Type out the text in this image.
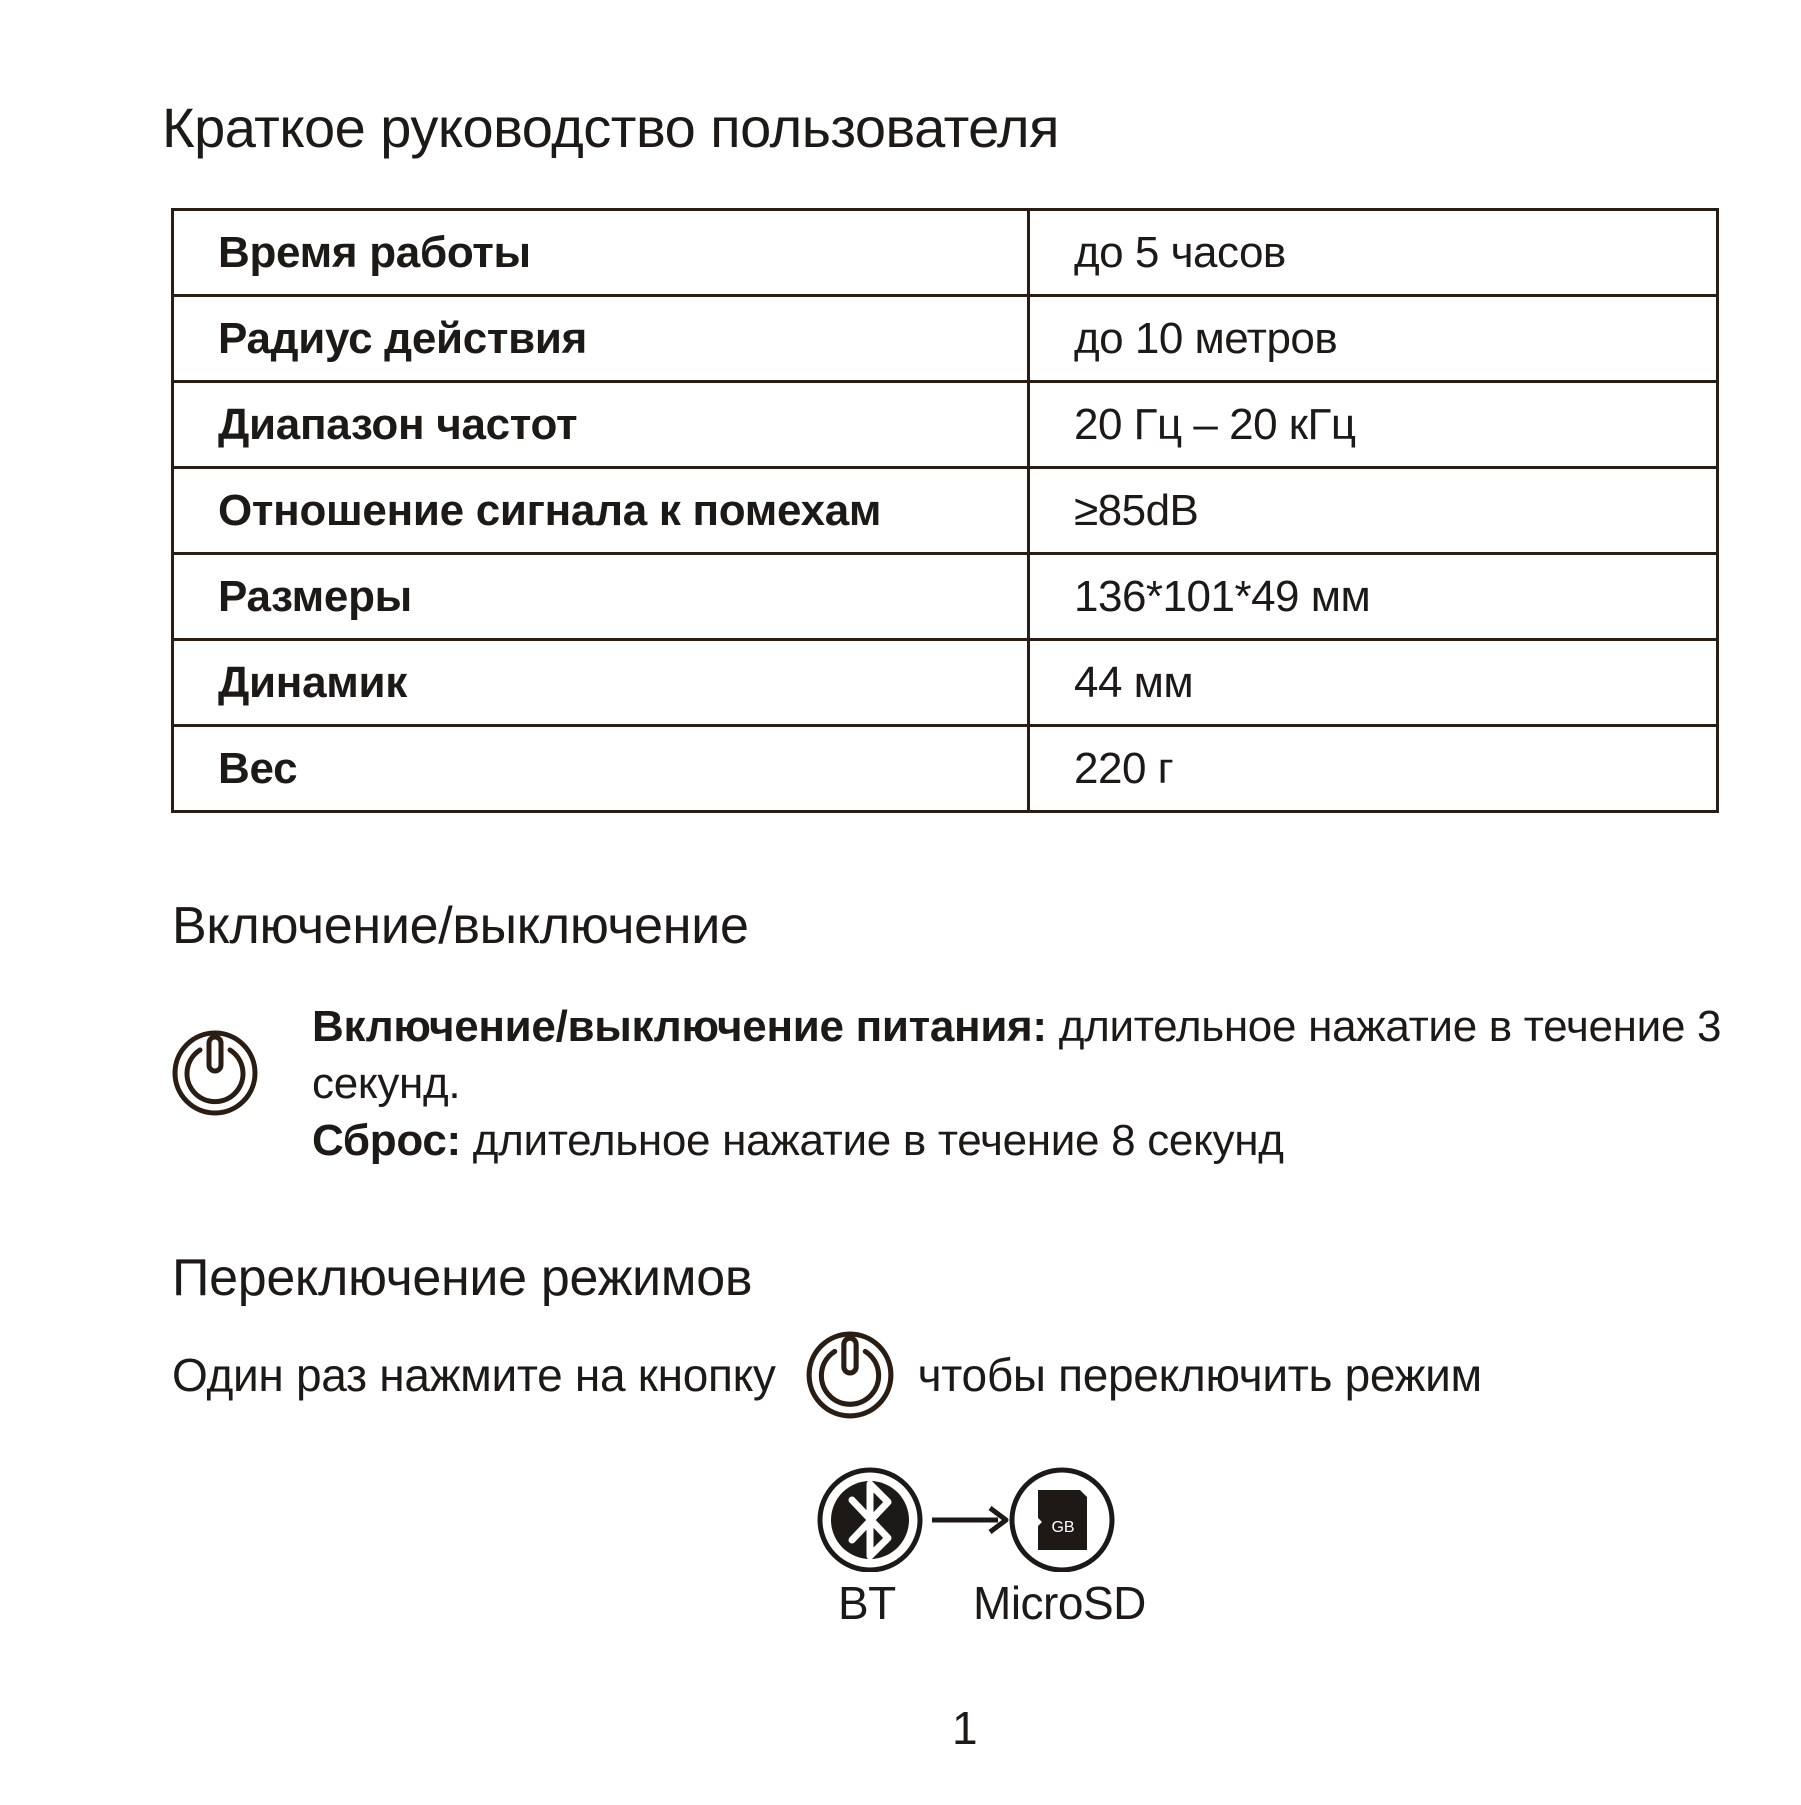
Краткое руководство пользователя
Время работы	до 5 часов
Радиус действия	до 10 метров
Диапазон частот	20 Гц – 20 кГц
Отношение сигнала к помехам	≥85dB
Размеры	136*101*49 мм
Динамик	44 мм
Вес	220 г
Включение/выключение
Включение/выключение питания: длительное нажатие в течение 3 секунд.
Сброс: длительное нажатие в течение 8 секунд
Переключение режимов
Один раз нажмите на кнопку	чтобы переключить режим
GB
BT MicroSD
1
